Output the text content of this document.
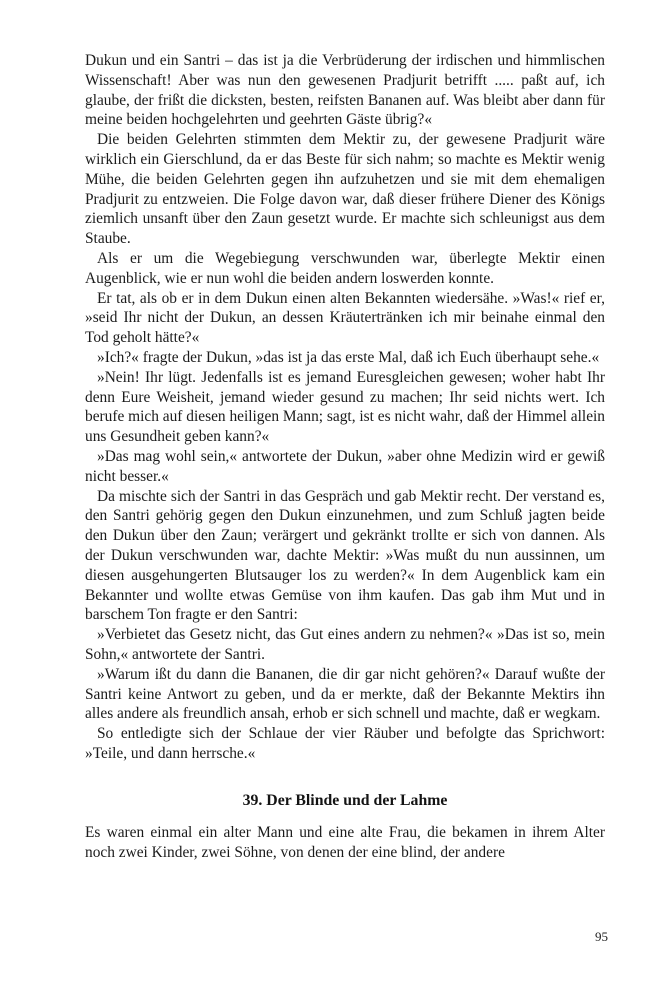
Dukun und ein Santri – das ist ja die Verbrüderung der irdischen und himmlischen Wissenschaft! Aber was nun den gewesenen Pradjurit betrifft ..... paßt auf, ich glaube, der frißt die dicksten, besten, reifsten Bananen auf. Was bleibt aber dann für meine beiden hochgelehrten und geehrten Gäste übrig?«

Die beiden Gelehrten stimmten dem Mektir zu, der gewesene Pradjurit wäre wirklich ein Gierschlund, da er das Beste für sich nahm; so machte es Mektir wenig Mühe, die beiden Gelehrten gegen ihn aufzuhetzen und sie mit dem ehemaligen Pradjurit zu entzweien. Die Folge davon war, daß dieser frühere Diener des Königs ziemlich unsanft über den Zaun gesetzt wurde. Er machte sich schleunigst aus dem Staube.

Als er um die Wegebiegung verschwunden war, überlegte Mektir einen Augenblick, wie er nun wohl die beiden andern loswerden konnte.

Er tat, als ob er in dem Dukun einen alten Bekannten wiedersähe. »Was!« rief er, »seid Ihr nicht der Dukun, an dessen Kräutertränken ich mir beinahe einmal den Tod geholt hätte?«

»Ich?« fragte der Dukun, »das ist ja das erste Mal, daß ich Euch überhaupt sehe.«

»Nein! Ihr lügt. Jedenfalls ist es jemand Euresgleichen gewesen; woher habt Ihr denn Eure Weisheit, jemand wieder gesund zu machen; Ihr seid nichts wert. Ich berufe mich auf diesen heiligen Mann; sagt, ist es nicht wahr, daß der Himmel allein uns Gesundheit geben kann?«

»Das mag wohl sein,« antwortete der Dukun, »aber ohne Medizin wird er gewiß nicht besser.«

Da mischte sich der Santri in das Gespräch und gab Mektir recht. Der verstand es, den Santri gehörig gegen den Dukun einzunehmen, und zum Schluß jagten beide den Dukun über den Zaun; verärgert und gekränkt trollte er sich von dannen. Als der Dukun verschwunden war, dachte Mektir: »Was mußt du nun aussinnen, um diesen ausgehungerten Blutsauger los zu werden?« In dem Augenblick kam ein Bekannter und wollte etwas Gemüse von ihm kaufen. Das gab ihm Mut und in barschem Ton fragte er den Santri:

»Verbietet das Gesetz nicht, das Gut eines andern zu nehmen?« »Das ist so, mein Sohn,« antwortete der Santri.

»Warum ißt du dann die Bananen, die dir gar nicht gehören?« Darauf wußte der Santri keine Antwort zu geben, und da er merkte, daß der Bekannte Mektirs ihn alles andere als freundlich ansah, erhob er sich schnell und machte, daß er wegkam.

So entledigte sich der Schlaue der vier Räuber und befolgte das Sprichwort: »Teile, und dann herrsche.«

39. Der Blinde und der Lahme

Es waren einmal ein alter Mann und eine alte Frau, die bekamen in ihrem Alter noch zwei Kinder, zwei Söhne, von denen der eine blind, der andere

95
